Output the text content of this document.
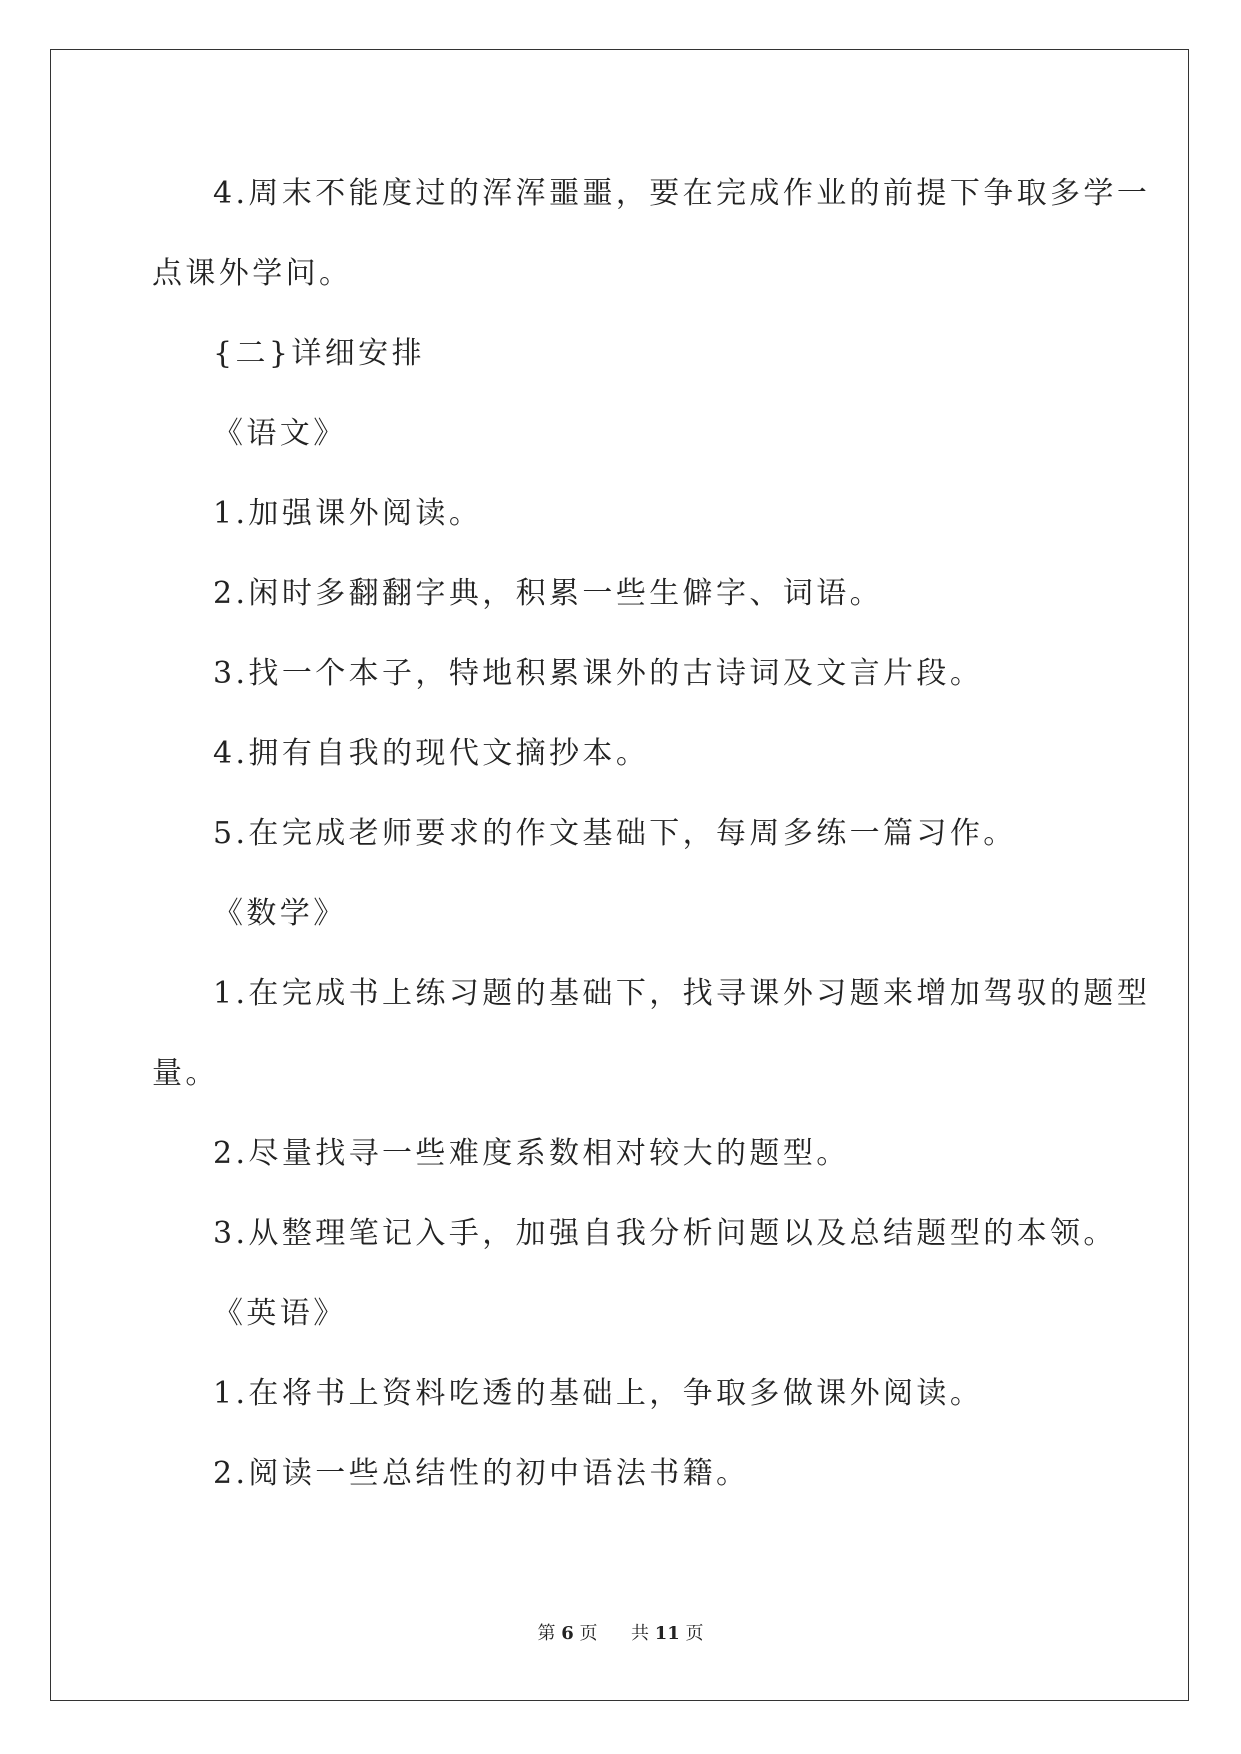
4.周末不能度过的浑浑噩噩，要在完成作业的前提下争取多学一
点课外学问。
{二}详细安排
《语文》
1.加强课外阅读。
2.闲时多翻翻字典，积累一些生僻字、词语。
3.找一个本子，特地积累课外的古诗词及文言片段。
4.拥有自我的现代文摘抄本。
5.在完成老师要求的作文基础下，每周多练一篇习作。
《数学》
1.在完成书上练习题的基础下，找寻课外习题来增加驾驭的题型
量。
2.尽量找寻一些难度系数相对较大的题型。
3.从整理笔记入手，加强自我分析问题以及总结题型的本领。
《英语》
1.在将书上资料吃透的基础上，争取多做课外阅读。
2.阅读一些总结性的初中语法书籍。
第 6 页 共 11 页
